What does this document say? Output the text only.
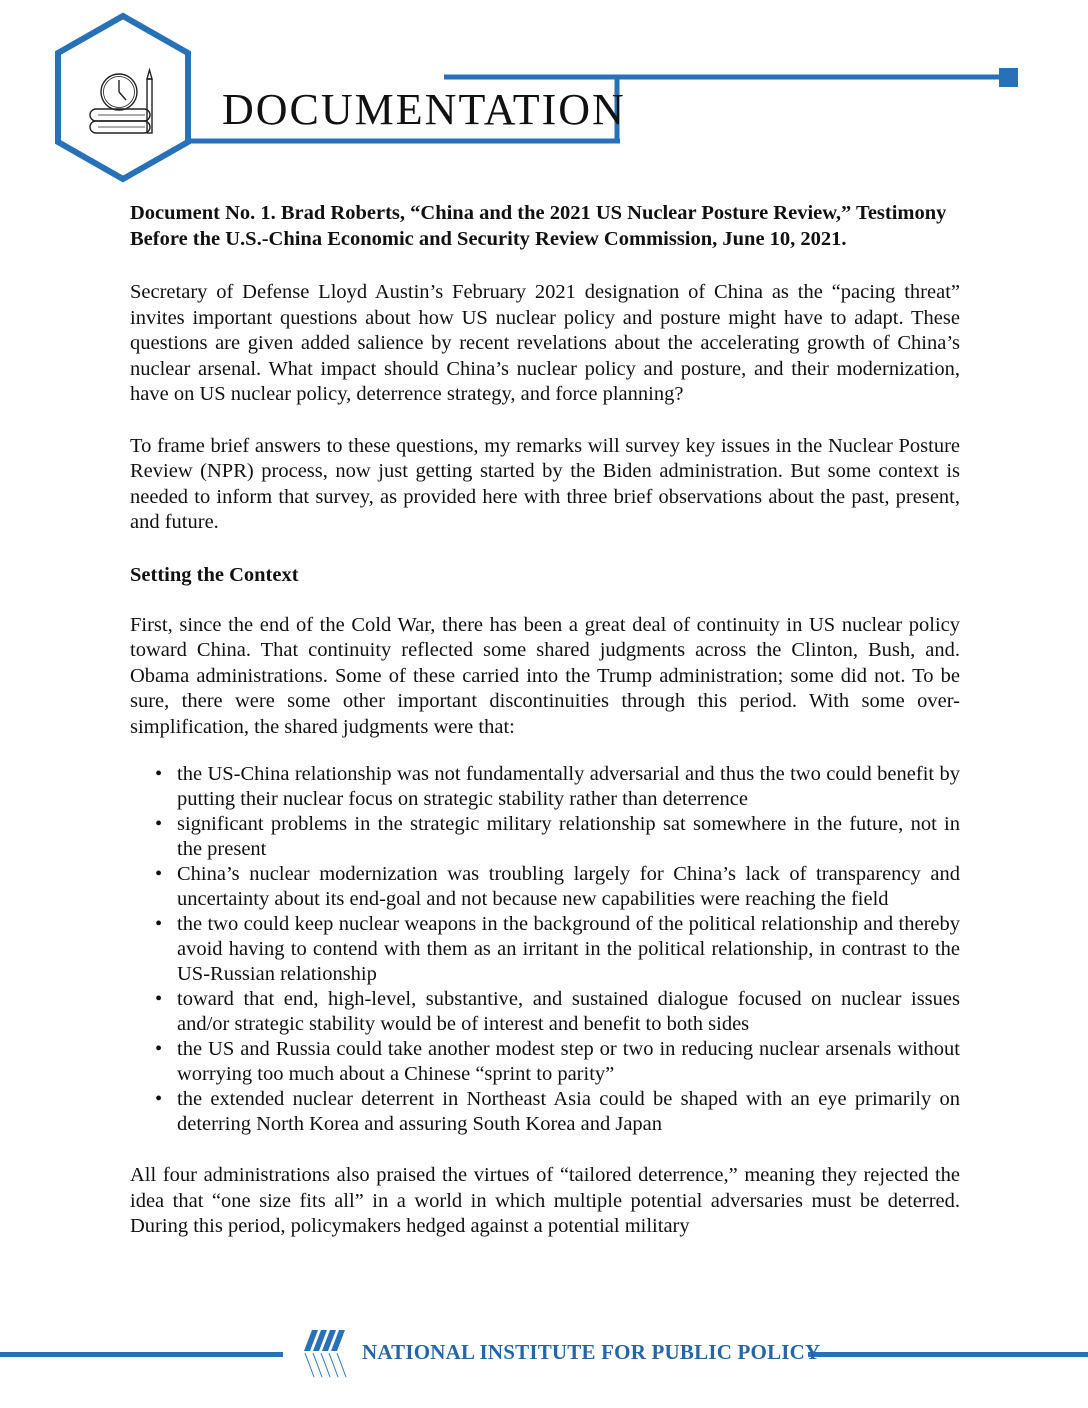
DOCUMENTATION
Document No. 1. Brad Roberts, “China and the 2021 US Nuclear Posture Review,” Testimony Before the U.S.-China Economic and Security Review Commission, June 10, 2021.

Secretary of Defense Lloyd Austin’s February 2021 designation of China as the “pacing threat” invites important questions about how US nuclear policy and posture might have to adapt. These questions are given added salience by recent revelations about the accelerating growth of China’s nuclear arsenal. What impact should China’s nuclear policy and posture, and their modernization, have on US nuclear policy, deterrence strategy, and force planning?

To frame brief answers to these questions, my remarks will survey key issues in the Nuclear Posture Review (NPR) process, now just getting started by the Biden administration. But some context is needed to inform that survey, as provided here with three brief observations about the past, present, and future.

Setting the Context

First, since the end of the Cold War, there has been a great deal of continuity in US nuclear policy toward China. That continuity reflected some shared judgments across the Clinton, Bush, and. Obama administrations. Some of these carried into the Trump administration; some did not. To be sure, there were some other important discontinuities through this period. With some over-simplification, the shared judgments were that:

• the US-China relationship was not fundamentally adversarial and thus the two could benefit by putting their nuclear focus on strategic stability rather than deterrence
• significant problems in the strategic military relationship sat somewhere in the future, not in the present
• China’s nuclear modernization was troubling largely for China’s lack of transparency and uncertainty about its end-goal and not because new capabilities were reaching the field
• the two could keep nuclear weapons in the background of the political relationship and thereby avoid having to contend with them as an irritant in the political relationship, in contrast to the US-Russian relationship
• toward that end, high-level, substantive, and sustained dialogue focused on nuclear issues and/or strategic stability would be of interest and benefit to both sides
• the US and Russia could take another modest step or two in reducing nuclear arsenals without worrying too much about a Chinese “sprint to parity”
• the extended nuclear deterrent in Northeast Asia could be shaped with an eye primarily on deterring North Korea and assuring South Korea and Japan

All four administrations also praised the virtues of “tailored deterrence,” meaning they rejected the idea that “one size fits all” in a world in which multiple potential adversaries must be deterred. During this period, policymakers hedged against a potential military

NATIONAL INSTITUTE FOR PUBLIC POLICY
